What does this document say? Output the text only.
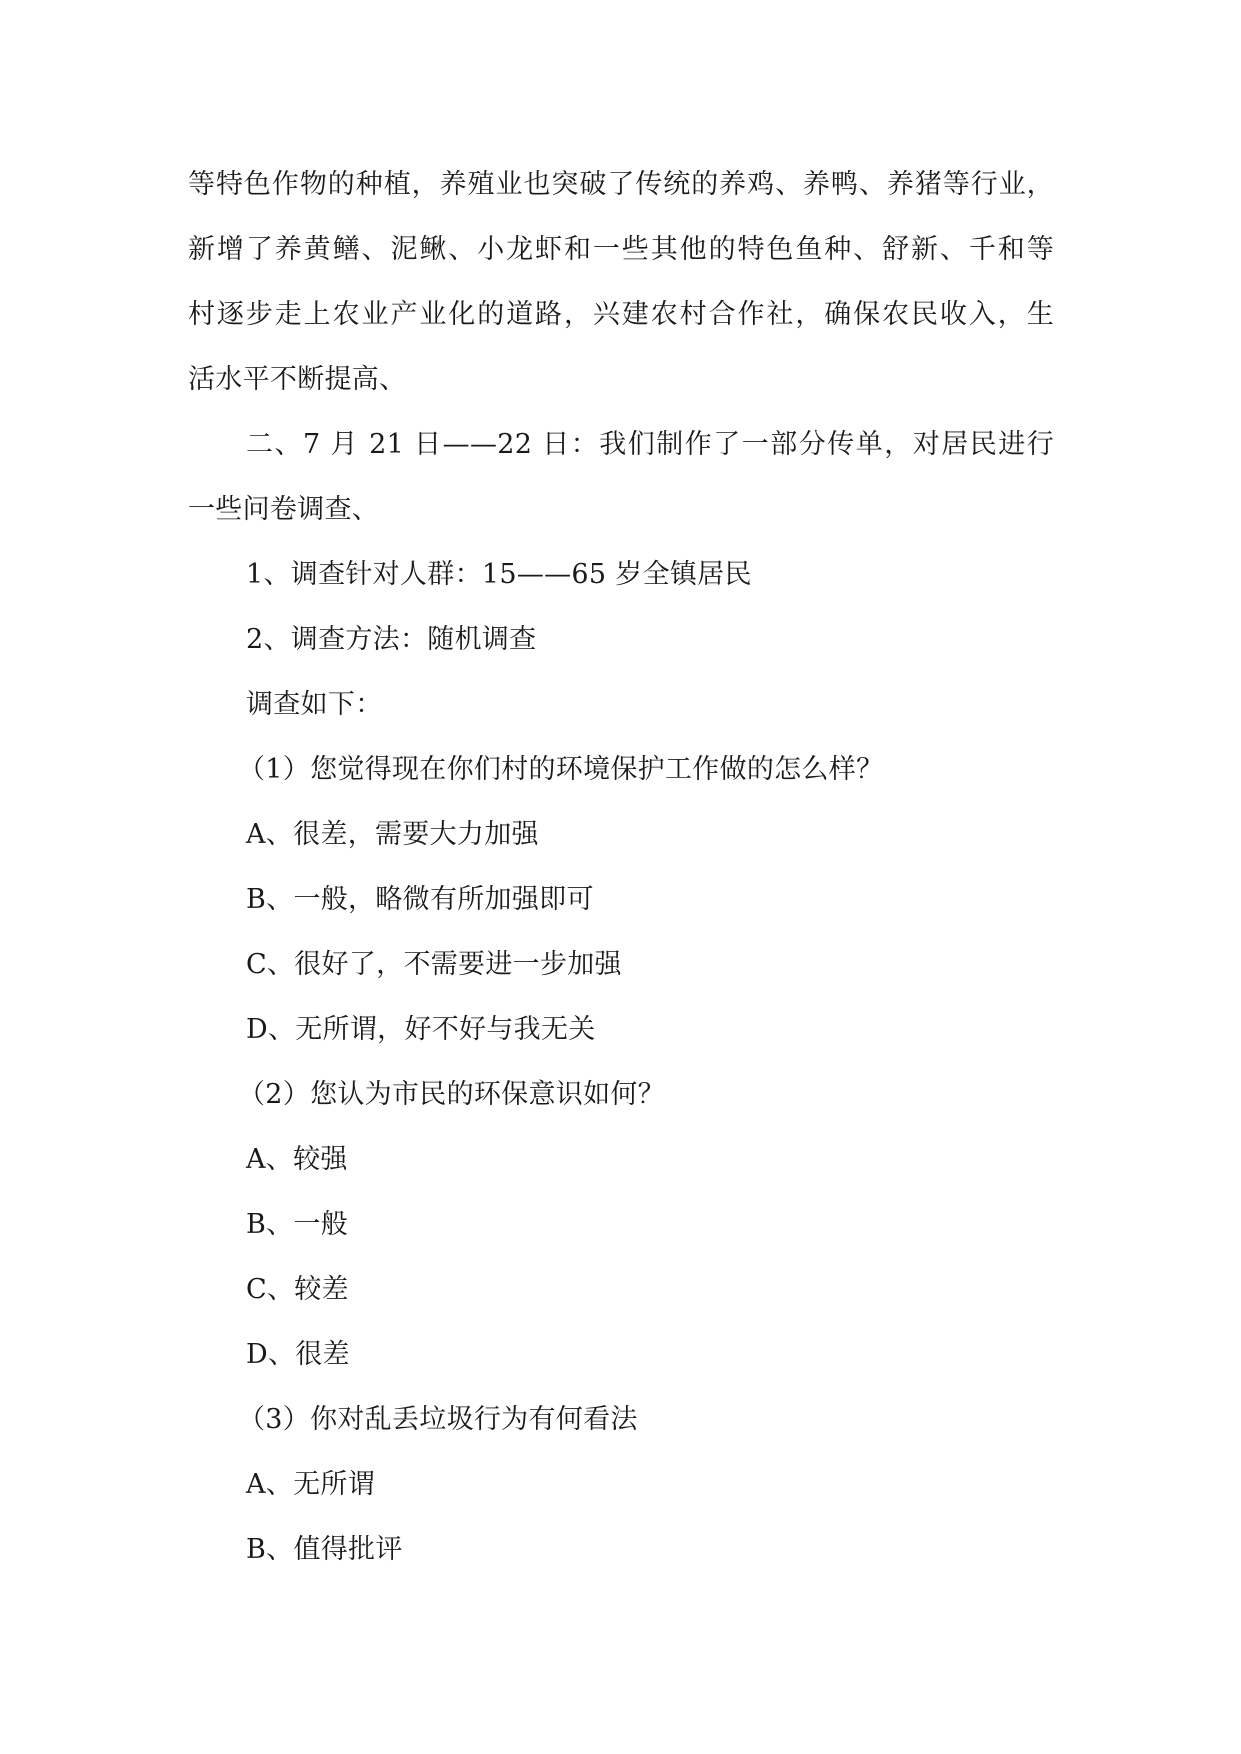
等特色作物的种植，养殖业也突破了传统的养鸡、养鸭、养猪等行业，
新增了养黄鳝、泥鳅、小龙虾和一些其他的特色鱼种、舒新、千和等
村逐步走上农业产业化的道路，兴建农村合作社，确保农民收入，生
活水平不断提高、
二、7 月 21 日——22 日：我们制作了一部分传单，对居民进行
一些问卷调查、
1、调查针对人群：15——65 岁全镇居民
2、调查方法：随机调查
调查如下：
（1）您觉得现在你们村的环境保护工作做的怎么样？
A、很差，需要大力加强
B、一般，略微有所加强即可
C、很好了，不需要进一步加强
D、无所谓，好不好与我无关
（2）您认为市民的环保意识如何？
A、较强
B、一般
C、较差
D、很差
（3）你对乱丢垃圾行为有何看法
A、无所谓
B、值得批评
